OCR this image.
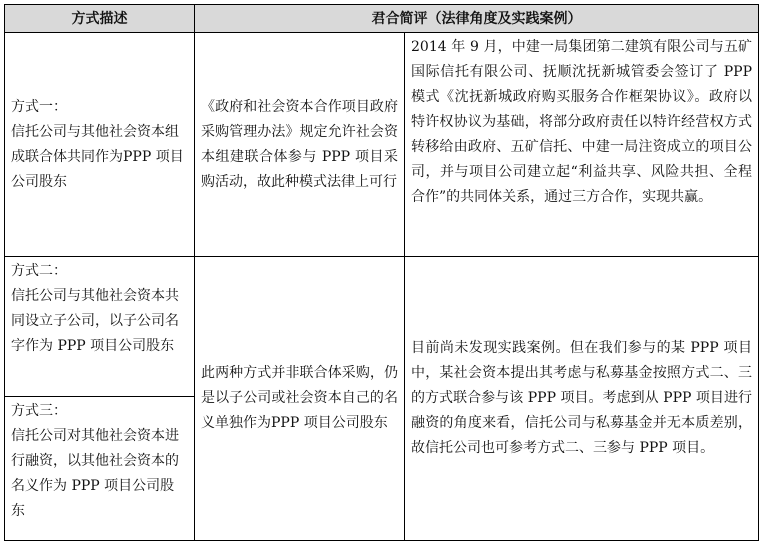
方式描述	君合简评（法律角度及实践案例）
方式一：
信托公司与其他社会资本组成联合体共同作为PPP 项目公司股东
《政府和社会资本合作项目政府采购管理办法》规定允许社会资本组建联合体参与 PPP 项目采购活动，故此种模式法律上可行
2014 年 9 月，中建一局集团第二建筑有限公司与五矿国际信托有限公司、抚顺沈抚新城管委会签订了 PPP 模式《沈抚新城政府购买服务合作框架协议》。政府以特许权协议为基础，将部分政府责任以特许经营权方式转移给由政府、五矿信托、中建一局注资成立的项目公司，并与项目公司建立起“利益共享、风险共担、全程合作”的共同体关系，通过三方合作，实现共赢。
方式二：
信托公司与其他社会资本共同设立子公司，以子公司名字作为 PPP 项目公司股东
方式三：
信托公司对其他社会资本进行融资，以其他社会资本的名义作为 PPP 项目公司股东
此两种方式并非联合体采购，仍是以子公司或社会资本自己的名义单独作为PPP 项目公司股东
目前尚未发现实践案例。但在我们参与的某 PPP 项目中，某社会资本提出其考虑与私募基金按照方式二、三的方式联合参与该 PPP 项目。考虑到从 PPP 项目进行融资的角度来看，信托公司与私募基金并无本质差别，故信托公司也可参考方式二、三参与 PPP 项目。
